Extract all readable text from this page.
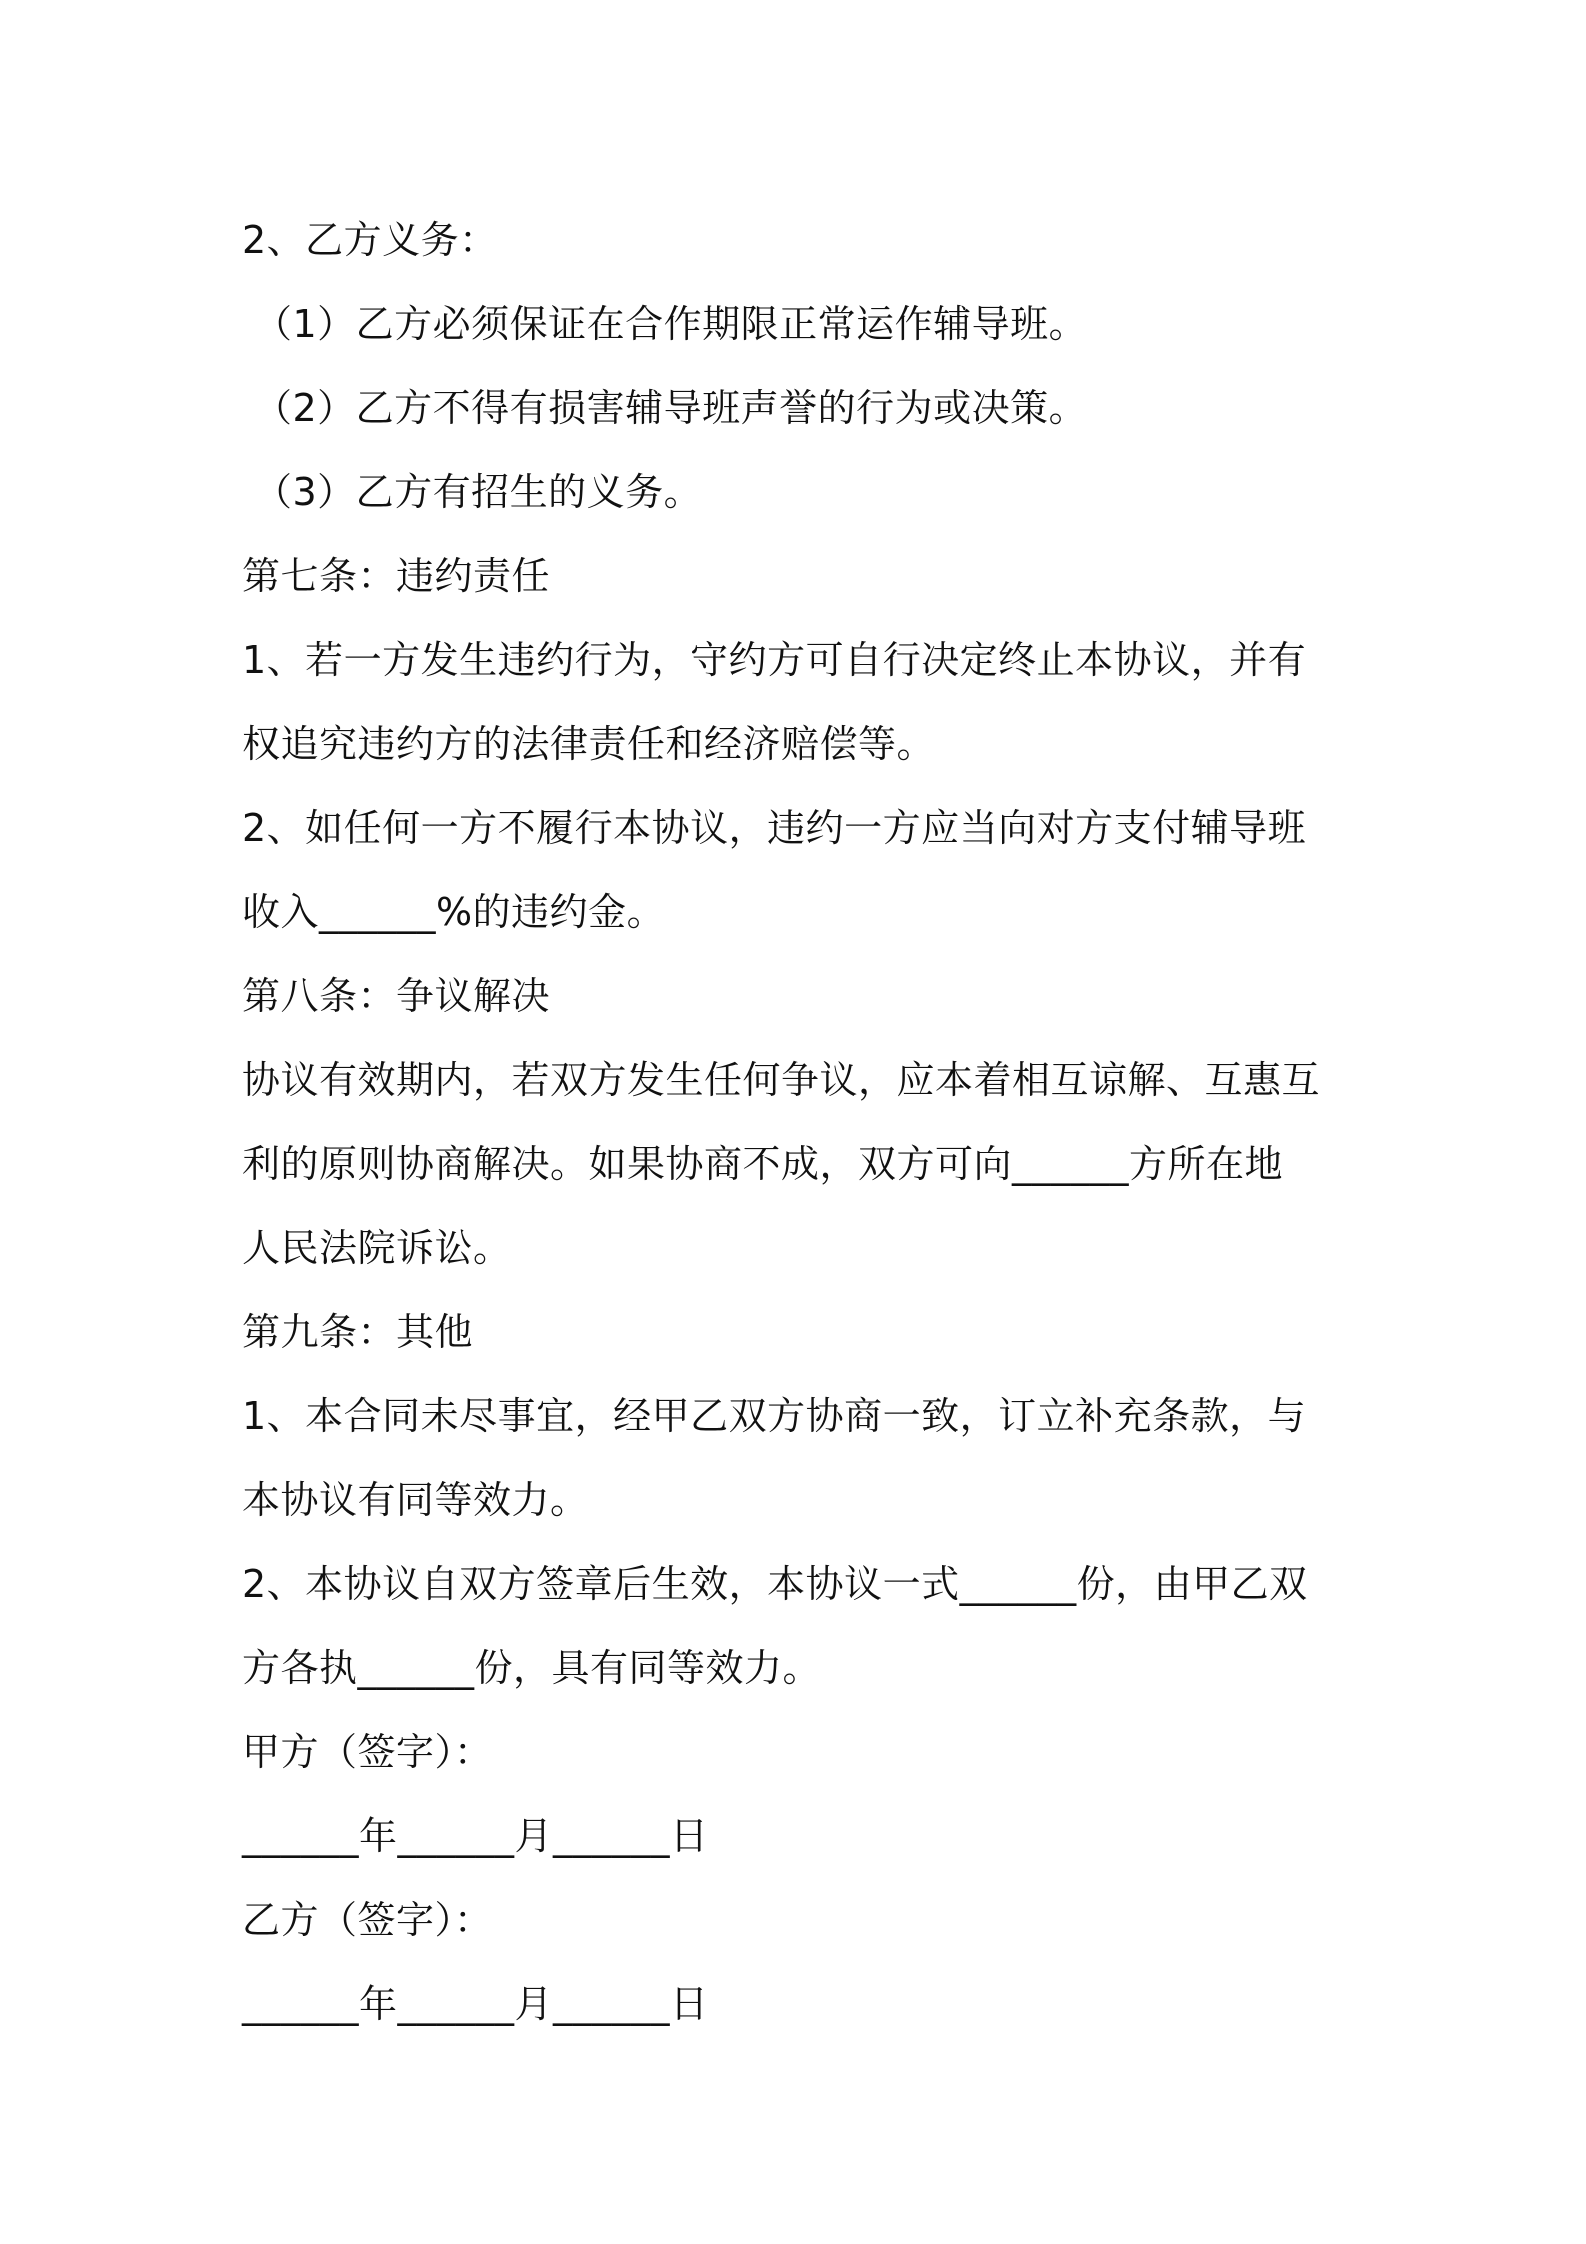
2、乙方义务：
（1）乙方必须保证在合作期限正常运作辅导班。
（2）乙方不得有损害辅导班声誉的行为或决策。
（3）乙方有招生的义务。
第七条：违约责任
1、若一方发生违约行为，守约方可自行决定终止本协议，并有
权追究违约方的法律责任和经济赔偿等。
2、如任何一方不履行本协议，违约一方应当向对方支付辅导班
收入______%的违约金。
第八条：争议解决
协议有效期内，若双方发生任何争议，应本着相互谅解、互惠互
利的原则协商解决。如果协商不成，双方可向______方所在地
人民法院诉讼。
第九条：其他
1、本合同未尽事宜，经甲乙双方协商一致，订立补充条款，与
本协议有同等效力。
2、本协议自双方签章后生效，本协议一式______份，由甲乙双
方各执______份，具有同等效力。
甲方（签字）：
______年______月______日
乙方（签字）：
______年______月______日
